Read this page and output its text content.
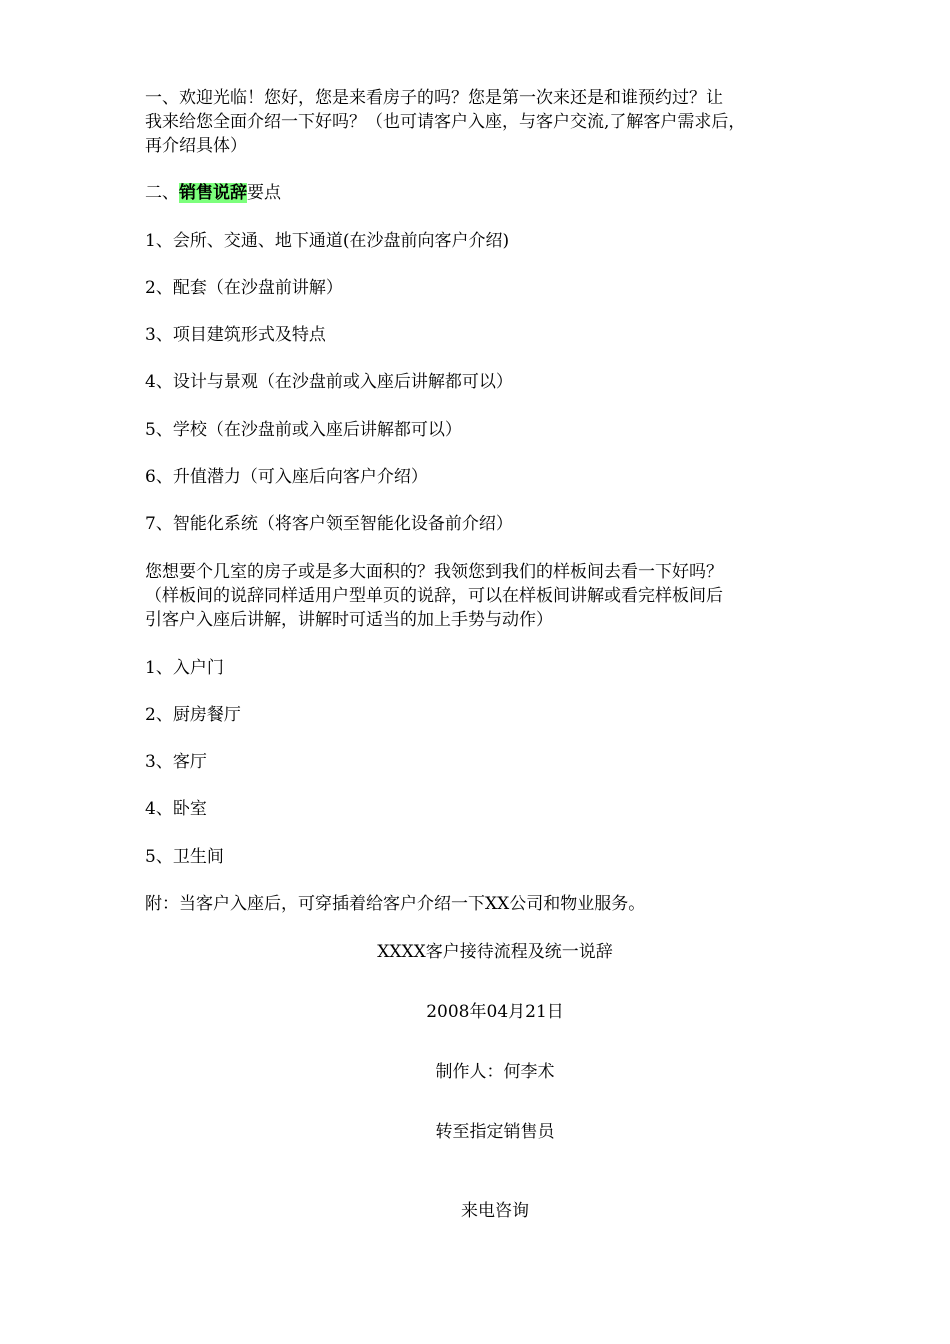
一、欢迎光临！您好，您是来看房子的吗？您是第一次来还是和谁预约过？让

我来给您全面介绍一下好吗？（也可请客户入座，与客户交流,了解客户需求后，

再介绍具体）

二、销售说辞要点

1、会所、交通、地下通道(在沙盘前向客户介绍)

2、配套（在沙盘前讲解）

3、项目建筑形式及特点

4、设计与景观（在沙盘前或入座后讲解都可以）

5、学校（在沙盘前或入座后讲解都可以）

6、升值潜力（可入座后向客户介绍）

7、智能化系统（将客户领至智能化设备前介绍）

您想要个几室的房子或是多大面积的？我领您到我们的样板间去看一下好吗？

（样板间的说辞同样适用户型单页的说辞，可以在样板间讲解或看完样板间后

引客户入座后讲解，讲解时可适当的加上手势与动作）

1、入户门

2、厨房餐厅

3、客厅

4、卧室

5、卫生间

附：当客户入座后，可穿插着给客户介绍一下XX公司和物业服务。

XXXX客户接待流程及统一说辞

2008年04月21日

制作人：何李术

转至指定销售员

来电咨询
